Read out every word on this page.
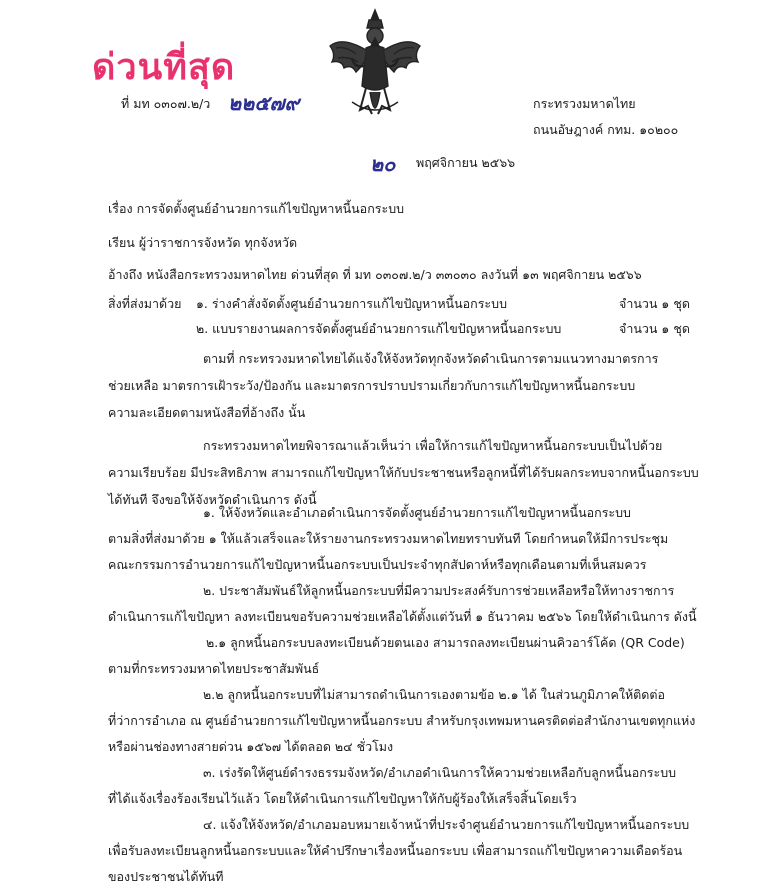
ด่วนที่สุด
ที่ มท ๐๓๐๗.๒/ว ๒๒๕๗๙	กระทรวงมหาดไทย
ถนนอัษฎางค์ กทม. ๑๐๒๐๐
๒๐ พฤศจิกายน ๒๕๖๖
เรื่อง การจัดตั้งศูนย์อำนวยการแก้ไขปัญหาหนี้นอกระบบ
เรียน ผู้ว่าราชการจังหวัด ทุกจังหวัด
อ้างถึง หนังสือกระทรวงมหาดไทย ด่วนที่สุด ที่ มท ๐๓๐๗.๒/ว ๓๓๐๓๐ ลงวันที่ ๑๓ พฤศจิกายน ๒๕๖๖
สิ่งที่ส่งมาด้วย ๑. ร่างคำสั่งจัดตั้งศูนย์อำนวยการแก้ไขปัญหาหนี้นอกระบบ	จำนวน ๑ ชุด
๒. แบบรายงานผลการจัดตั้งศูนย์อำนวยการแก้ไขปัญหาหนี้นอกระบบ	จำนวน ๑ ชุด
ตามที่ กระทรวงมหาดไทยได้แจ้งให้จังหวัดทุกจังหวัดดำเนินการตามแนวทางมาตรการ
ช่วยเหลือ มาตรการเฝ้าระวัง/ป้องกัน และมาตรการปราบปรามเกี่ยวกับการแก้ไขปัญหาหนี้นอกระบบ
ความละเอียดตามหนังสือที่อ้างถึง นั้น
กระทรวงมหาดไทยพิจารณาแล้วเห็นว่า เพื่อให้การแก้ไขปัญหาหนี้นอกระบบเป็นไปด้วย
ความเรียบร้อย มีประสิทธิภาพ สามารถแก้ไขปัญหาให้กับประชาชนหรือลูกหนี้ที่ได้รับผลกระทบจากหนี้นอกระบบ
ได้ทันที จึงขอให้จังหวัดดำเนินการ ดังนี้
๑. ให้จังหวัดและอำเภอดำเนินการจัดตั้งศูนย์อำนวยการแก้ไขปัญหาหนี้นอกระบบ
ตามสิ่งที่ส่งมาด้วย ๑ ให้แล้วเสร็จและให้รายงานกระทรวงมหาดไทยทราบทันที โดยกำหนดให้มีการประชุม
คณะกรรมการอำนวยการแก้ไขปัญหาหนี้นอกระบบเป็นประจำทุกสัปดาห์หรือทุกเดือนตามที่เห็นสมควร
๒. ประชาสัมพันธ์ให้ลูกหนี้นอกระบบที่มีความประสงค์รับการช่วยเหลือหรือให้ทางราชการ
ดำเนินการแก้ไขปัญหา ลงทะเบียนขอรับความช่วยเหลือได้ตั้งแต่วันที่ ๑ ธันวาคม ๒๕๖๖ โดยให้ดำเนินการ ดังนี้
๒.๑ ลูกหนี้นอกระบบลงทะเบียนด้วยตนเอง สามารถลงทะเบียนผ่านคิวอาร์โค้ด (QR Code)
ตามที่กระทรวงมหาดไทยประชาสัมพันธ์
๒.๒ ลูกหนี้นอกระบบที่ไม่สามารถดำเนินการเองตามข้อ ๒.๑ ได้ ในส่วนภูมิภาคให้ติดต่อ
ที่ว่าการอำเภอ ณ ศูนย์อำนวยการแก้ไขปัญหาหนี้นอกระบบ สำหรับกรุงเทพมหานครติดต่อสำนักงานเขตทุกแห่ง
หรือผ่านช่องทางสายด่วน ๑๕๖๗ ได้ตลอด ๒๔ ชั่วโมง
๓. เร่งรัดให้ศูนย์ดำรงธรรมจังหวัด/อำเภอดำเนินการให้ความช่วยเหลือกับลูกหนี้นอกระบบ
ที่ได้แจ้งเรื่องร้องเรียนไว้แล้ว โดยให้ดำเนินการแก้ไขปัญหาให้กับผู้ร้องให้เสร็จสิ้นโดยเร็ว
๔. แจ้งให้จังหวัด/อำเภอมอบหมายเจ้าหน้าที่ประจำศูนย์อำนวยการแก้ไขปัญหาหนี้นอกระบบ
เพื่อรับลงทะเบียนลูกหนี้นอกระบบและให้คำปรึกษาเรื่องหนี้นอกระบบ เพื่อสามารถแก้ไขปัญหาความเดือดร้อน
ของประชาชนได้ทันที
